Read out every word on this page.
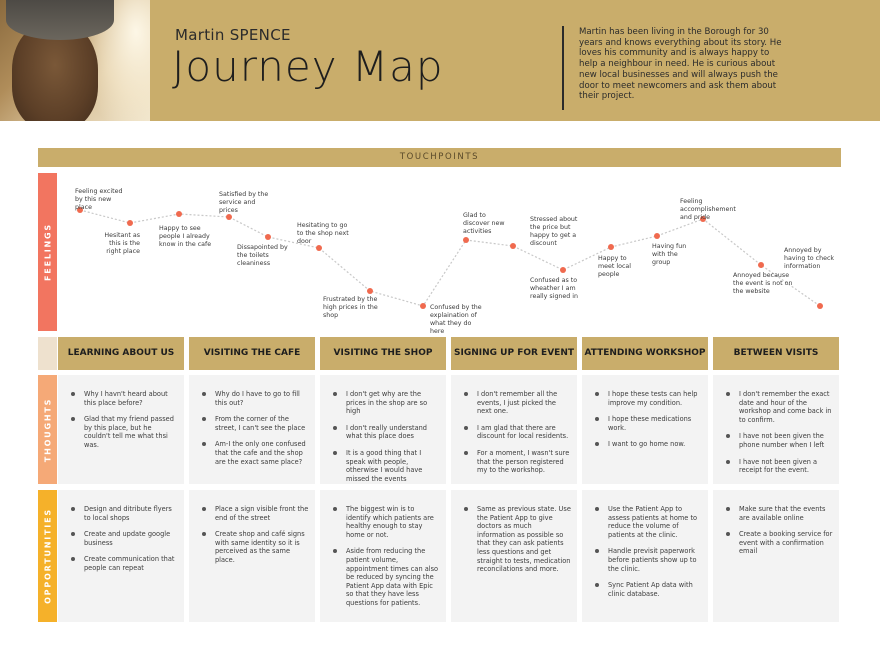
Martin SPENCE
Journey Map
Martin has been living in the Borough for 30 years and knows everything about its story. He loves his community and is always happy to help a neighbour in need. He is curious about new local businesses and will always push the door to meet newcomers and ask them about their project.
TOUCHPOINTS
FEELINGS
THOUGHTS
OPPORTUNITIES
Feeling excited by this new place
Hesitant as this is the right place
Happy to see people I already know in the cafe
Satisfied by the service and prices
Dissapointed by the toilets cleaniness
Hesitating to go to the shop next door
Frustrated by the high prices in the shop
Confused by the explaination of what they do here
Glad to discover new activities
Stressed about the price but happy to get a discount
Confused as to wheather I am really signed in
Happy to meet local people
Having fun with the group
Feeling accomplishement and pride
Annoyed because the event is not on the website
Annoyed by having to check information
LEARNING ABOUT US
Why I havn't heard about this place before?
Glad that my friend passed by this place, but he couldn't tell me what thsi was.
Design and ditribute flyers to local shops
Create and update google business
Create communication that people can repeat
VISITING THE CAFE
Why do I have to go to fill this out?
From the corner of the street, I can't see the place
Am-I the only one confused that the cafe and the shop are the exact same place?
Place a sign visible front the end of the street
Create shop and café signs with same identity so it is perceived as the same place.
VISITING THE SHOP
I don't get why are the prices in the shop are so high
I don't really understand what this place does
It is a good thing that I speak with people, otherwise I would have missed the events
The biggest win is to identify which patients are healthy enough to stay home or not.
Aside from reducing the patient volume, appointment times can also be reduced by syncing the Patient App data with Epic so that they have less questions for patients.
SIGNING UP FOR EVENT
I don't remember all the events, I just picked the next one.
I am glad that there are discount for local residents.
For a moment, I wasn't sure that the person registered my to the workshop.
Same as previous state. Use the Patient App to give doctors as much information as possible so that they can ask patients less questions and get straight to tests, medication reconcilations and more.
ATTENDING WORKSHOP
I hope these tests can help improve my condition.
I hope these medications work.
I want to go home now.
Use the Patient App to assess patients at home to reduce the volume of patients at the clinic.
Handle previsit paperwork before patients show up to the clinic.
Sync Patient Ap data with clinic database.
BETWEEN VISITS
I don't remember the exact date and hour of the workshop and come back in to confirm.
I have not been given the phone number when I left
I have not been given a receipt for the event.
Make sure that the events are available online
Create a booking service for event with a confirmation email
